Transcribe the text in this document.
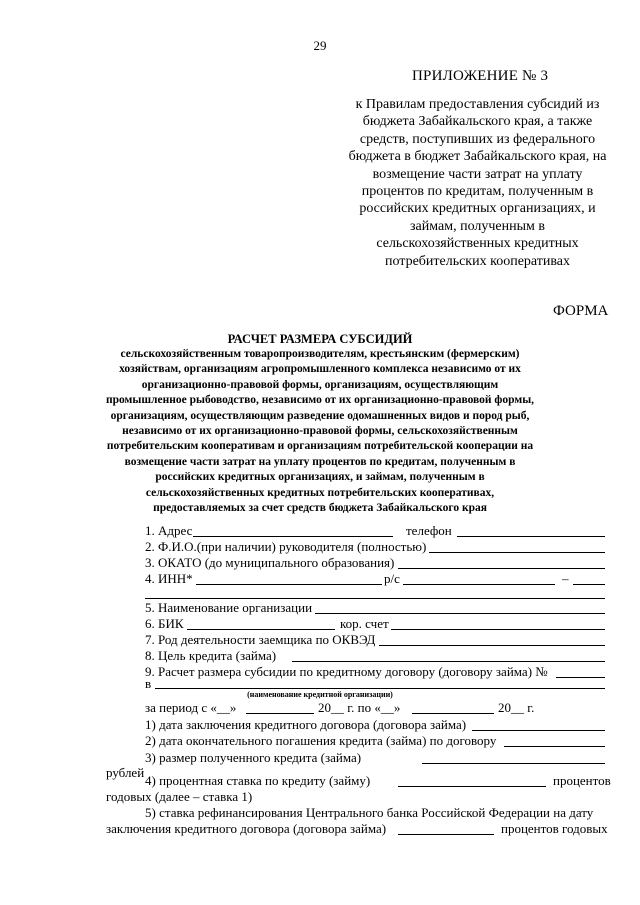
29
ПРИЛОЖЕНИЕ № 3
к Правилам предоставления субсидий из бюджета Забайкальского края, а также средств, поступивших из федерального бюджета в бюджет Забайкальского края, на возмещение части затрат на уплату процентов по кредитам, полученным в российских кредитных организациях, и займам, полученным в сельскохозяйственных кредитных потребительских кооперативах
ФОРМА
РАСЧЕТ РАЗМЕРА СУБСИДИЙ
сельскохозяйственным товаропроизводителям, крестьянским (фермерским) хозяйствам, организациям агропромышленного комплекса независимо от их организационно-правовой формы, организациям, осуществляющим промышленное рыбоводство, независимо от их организационно-правовой формы, организациям, осуществляющим разведение одомашненных видов и пород рыб, независимо от их организационно-правовой формы, сельскохозяйственным потребительским кооперативам и организациям потребительской кооперации на возмещение части затрат на уплату процентов по кредитам, полученным в российских кредитных организациях, и займам, полученным в сельскохозяйственных кредитных потребительских кооперативах, предоставляемых за счет средств бюджета Забайкальского края
1. Адрес	телефон
2. Ф.И.О.(при наличии) руководителя (полностью)
3. ОКАТО (до муниципального образования)
4. ИНН*	р/с	–
5. Наименование организации
6. БИК	кор. счет
7. Род деятельности заемщика по ОКВЭД
8. Цель кредита (займа)
9. Расчет размера субсидии по кредитному договору (договору займа) №
в
(наименование кредитной организации)
за период с «__»	20__ г. по «__»	20__ г.
1) дата заключения кредитного договора (договора займа)
2) дата окончательного погашения кредита (займа) по договору
3) размер полученного кредита (займа)
рублей
4) процентная ставка по кредиту (займу)	процентов
годовых (далее – ставка 1)
5) ставка рефинансирования Центрального банка Российской Федерации на дату
заключения кредитного договора (договора займа)	процентов годовых
